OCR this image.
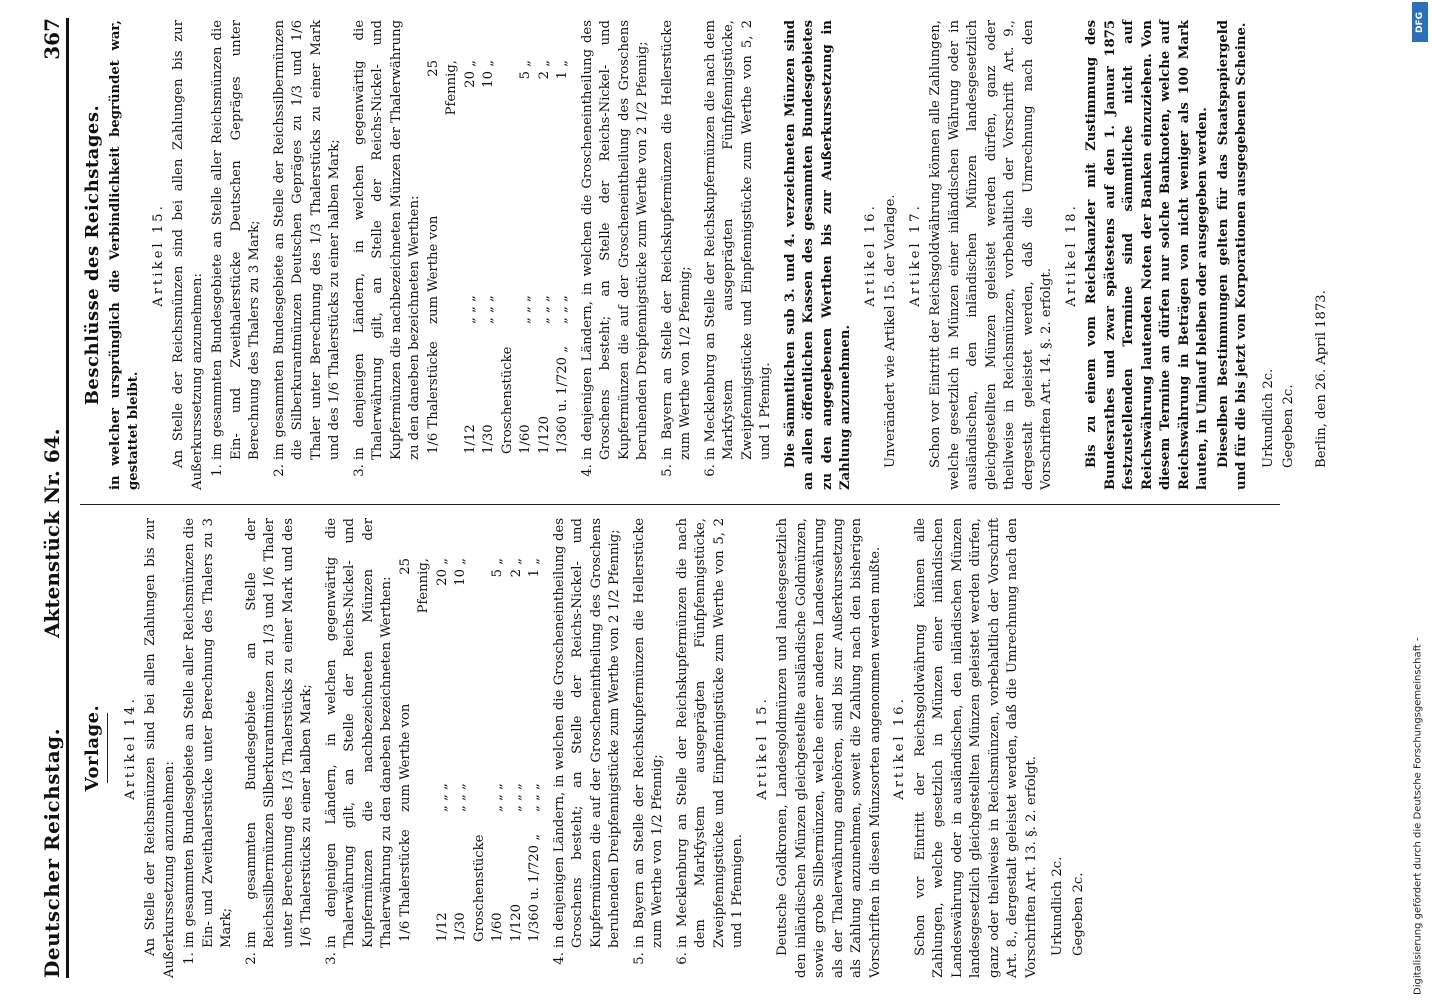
Deutscher Reichstag.
Aktenstück Nr. 64.
367
Vorlage. Artikel 14. An Stelle der Reichsmünzen sind bei allen Zahlungen bis zur Außerkurssetzung anzunehmen: 1. im gesammten Bundesgebiete an Stelle aller Reichsmünzen die Ein- und Zweithalerstücke unter Berechnung des Thalers zu 3 Mark; 2. im gesammten Bundesgebiete an Stelle der Reichssilbermünzen Silberkurantmünzen zu 1/3 und 1/6 Thaler unter Berechnung des 1/3 Thalerstücks zu einer Mark und des 1/6 Thalerstücks zu einer halben Mark; 3. in denjenigen Ländern, in welchen gegenwärtig die Thalerwährung gilt, an Stelle der Reichs-Nickel- und Kupfermünzen die nachbezeichneten Münzen der Thalerwährung zu den daneben bezeichneten Werthen: 1/6 Thalerstücke
zum Werthe von
25 Pfennig,
1/12
„ „ „
20 „
1/30 Groschenstücke
„ „ „
10 „
1/60
„ „ „
5 „
1/120
„ „ „
2 „
1/360 u. 1/720 „
„ „ „
1 „ 4. in denjenigen Ländern, in welchen die Groscheneintheilung des Groschens besteht; an Stelle der Reichs-Nickel- und Kupfermünzen die auf der Groscheneintheilung des Groschens beruhenden Dreipfennigstücke zum Werthe von 2 1/2 Pfennig; 5. in Bayern an Stelle der Reichskupfermünzen die Hellerstücke zum Werthe von 1/2 Pfennig; 6. in Mecklenburg an Stelle der Reichskupfermünzen die nach dem Markfystem ausgeprägten Fünfpfennigstücke, Zweipfennigstücke und Einpfennigstücke zum Werthe von 5, 2 und 1 Pfennigen.
Artikel 15. Deutsche Goldkronen, Landesgoldmünzen und landesgesetzlich den inländischen Münzen gleichgestellte ausländische Goldmünzen, sowie grobe Silbermünzen, welche einer anderen Landeswährung als der Thalerwährung angehören, sind bis zur Außerkurssetzung als Zahlung anzunehmen, soweit die Zahlung nach den bisherigen Vorschriften in diesen Münzsorten angenommen werden mußte. Artikel 16. Schon vor Eintritt der Reichsgoldwährung können alle Zahlungen, welche gesetzlich in Münzen einer inländischen Landeswährung oder in ausländischen, den inländischen Münzen landesgesetzlich gleichgestellten Münzen geleistet werden dürfen, ganz oder theilweise in Reichsmünzen, vorbehaltlich der Vorschrift Art. 8., dergestalt geleistet werden, daß die Umrechnung nach den Vorschriften Art. 13. §. 2. erfolgt. Urkundlich 2c. Gegeben 2c.

Beschlüsse des Reichstages. in welcher ursprünglich die Verbindlichkeit begründet war, gestattet bleibt.

Artikel 15. An Stelle der Reichsmünzen sind bei allen Zahlungen bis zur Außerkurssetzung anzunehmen: 1. im gesammten Bundesgebiete an Stelle aller Reichsmünzen die Ein- und Zweithalerstücke Deutschen Gepräges unter Berechnung des Thalers zu 3 Mark; 2. im gesammten Bundesgebiete an Stelle der Reichssilbermünzen die Silberkurantmünzen Deutschen Gepräges zu 1/3 und 1/6 Thaler unter Berechnung des 1/3 Thalerstücks zu einer Mark und des 1/6 Thalerstücks zu einer halben Mark; 3. in denjenigen Ländern, in welchen gegenwärtig die Thalerwährung gilt, an Stelle der Reichs-Nickel- und Kupfermünzen die nachbezeichneten Münzen der Thalerwährung zu den daneben bezeichneten Werthen: 1/6 Thalerstücke
zum Werthe von
25 Pfennig,
1/12
„ „ „
20 „
1/30 Groschenstücke
„ „ „
10 „
1/60
„ „ „
5 „
1/120
„ „ „
2 „
1/360 u. 1/720 „
„ „ „
1 „ 4. in denjenigen Ländern, in welchen die Groscheneintheilung des Groschens besteht; an Stelle der Reichs-Nickel- und Kupfermünzen die auf der Groscheneintheilung des Groschens beruhenden Dreipfennigstücke zum Werthe von 2 1/2 Pfennig; 5. in Bayern an Stelle der Reichskupfermünzen die Hellerstücke zum Werthe von 1/2 Pfennig; 6. in Mecklenburg an Stelle der Reichskupfermünzen die nach dem Markfystem ausgeprägten Fünfpfennigstücke, Zweipfennigstücke und Einpfennigstücke zum Werthe von 5, 2 und 1 Pfennig. Die sämmtlichen sub 3. und 4. verzeichneten Münzen sind an allen öffentlichen Kassen des gesammten Bundesgebietes zu den angegebenen Werthen bis zur Außerkurssetzung in Zahlung anzunehmen.

Artikel 16. Unverändert wie Artikel 15. der Vorlage. Artikel 17. Schon vor Eintritt der Reichsgoldwährung können alle Zahlungen, welche gesetzlich in Münzen einer inländischen Währung oder in ausländischen, den inländischen Münzen landesgesetzlich gleichgestellten Münzen geleistet werden dürfen, ganz oder theilweise in Reichsmünzen, vorbehaltlich der Vorschrift Art. 9., dergestalt geleistet werden, daß die Umrechnung nach den Vorschriften Art. 14. §. 2. erfolgt.

Artikel 18. Bis zu einem vom Reichskanzler mit Zustimmung des Bundesrathes und zwar spätestens auf den 1. Januar 1875 festzustellenden Termine sind sämmtliche nicht auf Reichswährung lautenden Noten der Banken einzuziehen. Von diesem Termine an dürfen nur solche Banknoten, welche auf Reichswährung in Beträgen von nicht weniger als 100 Mark lauten, in Umlauf bleiben oder ausgegeben werden. Dieselben Bestimmungen gelten für das Staatspapiergeld und für die bis jetzt von Korporationen ausgegebenen Scheine. Urkundlich 2c. Gegeben 2c. Berlin, den 26. April 1873.

Digitalisierung gefördert durch die Deutsche Forschungsgemeinschaft -
DFG
